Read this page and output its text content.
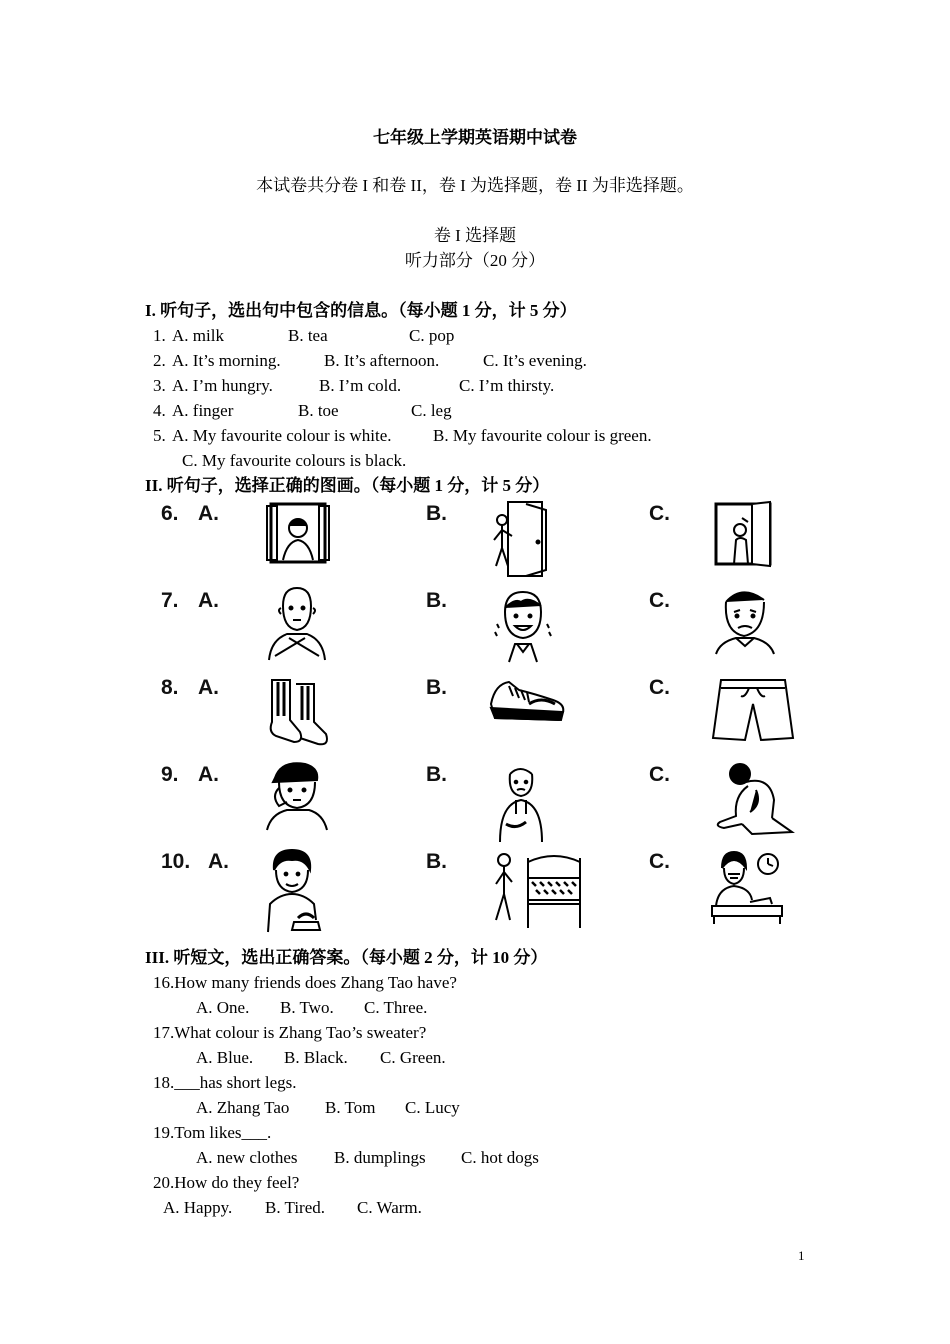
七年级上学期英语期中试卷
本试卷共分卷 I 和卷 II，卷 I 为选择题，卷 II 为非选择题。
卷 I 选择题
听力部分（20 分）
I. 听句子，选出句中包含的信息。（每小题 1 分，计 5 分）
1. A. milk	B. tea	C. pop
2. A. It’s morning.	B. It’s afternoon.	C. It’s evening.
3. A. I’m hungry.	B. I’m cold.	C. I’m thirsty.
4. A. finger	B. toe	C. leg
5. A. My favourite colour is white. B. My favourite colour is green.
C. My favourite colours is black.
II. 听句子，选择正确的图画。（每小题 1 分，计 5 分）
6. A.	B.	C.
7. A.	B.	C.
8. A.	B.	C.
9. A.	B.	C.
10. A.	B.	C.
III. 听短文，选出正确答案。（每小题 2 分，计 10 分）
16.How many friends does Zhang Tao have?
A. One. B. Two. C. Three.
17.What colour is Zhang Tao’s sweater?
A. Blue. B. Black. C. Green.
18.___has short legs.
A. Zhang Tao B. Tom C. Lucy
19.Tom likes___.
A. new clothes B. dumplings C. hot dogs
20.How do they feel?
A. Happy. B. Tired. C. Warm.
1
